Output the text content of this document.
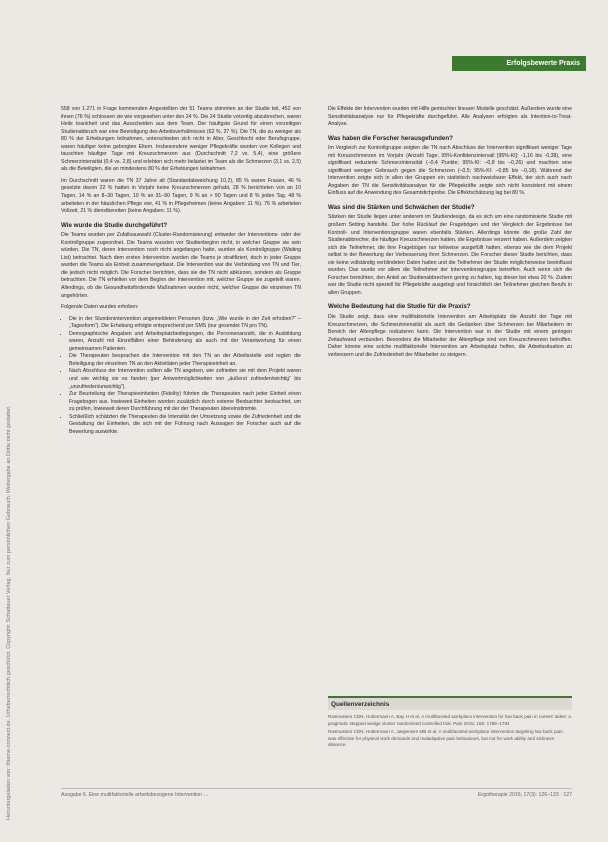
Heruntergeladen von: thieme-connect.de. Urheberrechtlich geschützt. Copyright: Schattauer Verlag. Nur zum persönlichen Gebrauch. Weitergabe an Dritte nicht gestattet.
Erfolgsbewerte Praxis

558 von 1.271 in Frage kommenden Angestellten der 51 Teams stimmten an der Studie teil, 452 von ihnen (76 %) schlossen sie wie vorgesehen unter den 24 %. Die 24 Studie vorzeitig abzubrechen, waren Heile krankheit und das Ausscheiden aus dem Team. Der häufigste Grund für einen vorzeitigen Studienabbruch war eine Beendigung des Arbeitsverhältnisses (62 %, 37 %). Die TN, die zu weniger als 80 % der Erhebungen teilnahmen, unterschieden sich nicht in Alter, Geschlecht oder Berufsgruppe, waren häufiger keine geborgten Eltern. Insbesondere weniger Pflegekräfte wurden von Kollegen und tauschten häufiger Tage mit Kreuzschmerzen aus (Durchschnitt 7,2 vs. 5,4), eine größere Schmerzintensität (0,4 vs. 2,8) und erlebten sich mehr belastet im Team als die Schmerzen (3,1 vs. 2,5) als die Beteiligten, die an mindestens 80 % der Erhebungen teilnahmen.

Im Durchschnitt waren die TN 37 Jahre alt (Standardabweichung 10,2), 85 % waren Frauen, 46 % gesetzte davon 22 % hatten in Vorjahr keine Kreuzschmerzen gehabt, 28 % berichteten von an 10 Tagen, 14 % an 8–30 Tagen, 10 % an 31–90 Tagen, 9 % an > 90 Tagen und 8 % jeden Tag. 48 % arbeiteten in der häuslichen Pflege vier, 41 % in Pflegeheimen (keine Angaben: 11 %). 76 % arbeiteten Vollzeit, 21 % dienstbereiten (keine Angaben: 11 %).

Wie wurde die Studie durchgeführt?

Die Teams wurden per Zufallsauswahl (Cluster-Randomisierung) entweder der Interventions- oder der Kontrollgruppe zugeordnet. Die Teams wussten vor Studienbeginn nicht, in welcher Gruppe sie sein würden. Die TN, deren Intervention noch nicht angefangen hatte, wurden als Kontrollgruppe (Waiting List) betrachtet. Nach dem ersten Intervention wurden die Teams je stratifiziert, doch in jeder Gruppe wurden die Teams als Einheit zusammengefasst. Die Intervention war die Verbindung von TN und Tier, die jedoch nicht möglich. Die Forscher berichten, dass sie die TN nicht abkürzen, sondern als Gruppe betrachten. Die TN erhielten vor dem Beginn der Intervention mit, welcher Gruppe sie zugeteilt waren. Allerdings, ob die Gesundheitsfördernde Maßnahmen wurden nicht, welcher Gruppe die einzelnen TN angehörten.

Folgende Daten wurden erhoben:

• Die in der Stundenintervention angemeldeten Personen (bzw. „Wie wurde in der Zeit erhoben?“ – „Tagesform“). Die Erhebung erfolgte entsprechend per SMS (nur gesendet TN pro TN).
• Demographische Angaben und Arbeitsplatzbedingungen, die Personenanzahl, die in Ausbildung waren, Anzahl mit Einzelfällen einer Behinderung als auch mit der Verantwortung für einen gemeinsamen Patienten.
• Die Therapeuten besprachen die Intervention mit den TN an der Arbeitsstelle und regten die Beteiligung der einzelnen TN an den Aktivitäten jeder Therapieeinheit an.
• Nach Abschluss der Intervention sollten alle TN angeben, wie zufrieden sie mit dem Projekt waren und wie wichtig sie es fanden (per Antwortmöglichkeiten von „äußerst zufrieden/wichtig“ bis „unzufrieden/unwichtig“).
• Zur Beurteilung der Therapieeinheiten (Fidelity) führten die Therapeuten nach jeder Einheit einen Fragebogen aus. Inwieweit Einheiten wurden zusätzlich durch externe Beobachter beobachtet, um zu prüfen, inwieweit deren Durchführung mit der der Therapeuten übereinstimmte.
• Schließlich schätzten die Therapeuten die Intensität der Umsetzung sowie die Zufriedenheit und die Gestaltung der Einheiten, die sich mit der Führung nach Aussagen der Forscher auch auf die Bewertung auswirkte.

Die Effekte der Intervention wurden mit Hilfe gemischter linearer Modelle geschätzt. Außerdem wurde eine Sensitivitätsanalyse nur für Pflegekräfte durchgeführt. Alle Analysen erfolgten als Intention-to-Treat-Analyse.

Was haben die Forscher herausgefunden?

Im Vergleich zur Kontrollgruppe zeigten die TN nach Abschluss der Intervention signifikant weniger Tage mit Kreuzschmerzen im Vorjahr (Anzahl Tage; 95%-Konfidenzintervall [95%-KI]: -1,16 bis -0,38), eine signifikant reduzierte Schmerzintensität (–0,4 Punkte; 95%-KI: –0,8 bis –0,26) und machten eine signifikant weniger Gebrauch gegen die Schmerzen (–0,5; 95%-KI: –0,85 bis –0,18). Während der Intervention zeigte sich in allen der Gruppen ein statistisch nachweisbarer Effekt, der sich auch nach Angaben der TN die Sensitivitätsanalyse für die Pflegekräfte zeigte sich nicht konsistent mit einem Einfluss auf die Anwendung des Gesamtstichprobe. Die Effektschätzung lag bei 80 %.

Was sind die Stärken und Schwächen der Studie?

Stärken der Studie liegen unter anderem im Studiendesign, da es sich um eine randomisierte Studie mit großem Setting handelte. Der hohe Rücklauf der Fragebögen und der Vergleich der Ergebnisse bei Kontroll- und Interventionsgruppe waren ebenfalls Stärken. Allerdings könnte die große Zahl der Studienabbrecher, die häufiger Kreuzschmerzen hatten, die Ergebnisse verzerrt haben. Außerdem zeigten sich die Teilnehmer, die ihre Fragebögen nur teilweise ausgefüllt hatten, ebenso wie die dem Projekt selbst in der Bewertung der Verbesserung ihrer Schmerzen. Die Forscher dieser Studie berichten, dass sie keine vollständig verblindeten Daten hatten und die Teilnehmer der Studie möglicherweise beeinflusst wurden. Das wurde vor allem die Teilnehmer der Interventionsgruppe betreffen. Auch wenn sich die Forscher bemühten, den Anteil an Studienabbrechern gering zu halten, lag dieser bei etwa 20 %. Zudem war die Studie nicht speziell für Pflegekräfte ausgelegt und hinsichtlich der Teilnehmer gleichen Berufs in allen Gruppen.

Welche Bedeutung hat die Studie für die Praxis?

Die Studie zeigt, dass eine multifaktorielle Intervention am Arbeitsplatz die Anzahl der Tage mit Kreuzschmerzen, die Schmerzintensität als auch die Gedanken über Schmerzen bei Mitarbeitern im Bereich der Altenpflege reduzieren kann. Die Intervention war in der Studie mit einem geringen Zeitaufwand verbunden. Besonders die Mitarbeiter der Altenpflege sind von Kreuzschmerzen betroffen. Daher könnte eine solche multifaktorielle Intervention am Arbeitsplatz helfen, die Arbeitssituation zu verbessern und die Zufriedenheit der Mitarbeiter zu steigern.

Quellenverzeichnis
Rasmussen CDN, Holtermann A, Bay H et al. A multifaceted workplace intervention for low back pain in nurses' aides: a pragmatic stepped wedge cluster randomised controlled trial. Pain 2015; 156: 1786–1794
Rasmussen CDN, Holtermann A, Jørgensen MB et al. A multifaceted workplace intervention targeting low back pain was effective for physical work demands and maladaptive pain behaviours, but not for work ability and sickness absence.
Ausgabe 6. Eine multifaktorielle arbeitsbezogene Intervention …	Ergotherapie 2016; 17(3): 126–133 · 127
